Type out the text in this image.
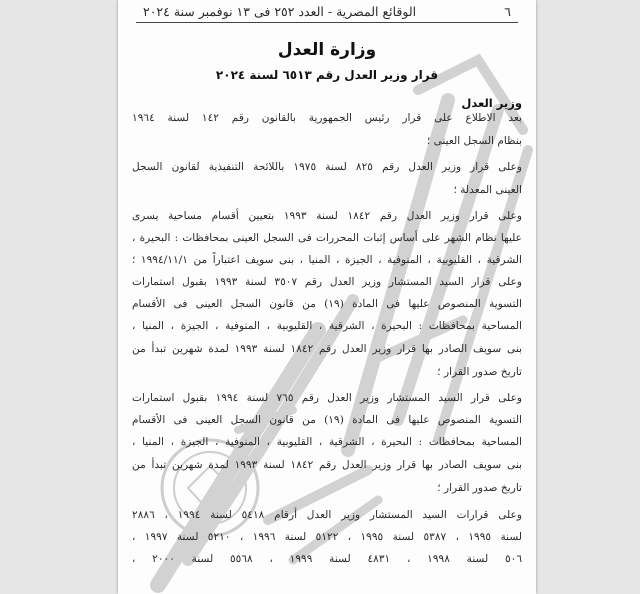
٦
الوقائع المصرية - العدد ٢٥٢ فى ١٣ نوفمبر سنة ٢٠٢٤
وزارة العدل
قرار وزير العدل رقم ٦٥١٣ لسنة ٢٠٢٤
وزير العدل
بعد الاطلاع على قرار رئيس الجمهورية بالقانون رقم ١٤٢ لسنة ١٩٦٤
بنظام السجل العينى ؛
وعلى قرار وزير العدل رقم ٨٢٥ لسنة ١٩٧٥ باللائحة التنفيذية لقانون السجل
العينى المعدلة ؛
وعلى قرار وزير العدل رقم ١٨٤٢ لسنة ١٩٩٣ بتعيين أقسام مساحية يسرى
عليها نظام الشهر على أساس إثبات المحررات فى السجل العينى بمحافظات : البحيرة ،
الشرقية ، القليوبية ، المنوفية ، الجيزة ، المنيا ، بنى سويف اعتباراً من ١٩٩٤/١١/١ ؛
وعلى قرار السيد المستشار وزير العدل رقم ٣٥٠٧ لسنة ١٩٩٣ بقبول استمارات
التسوية المنصوص عليها فى المادة (١٩) من قانون السجل العينى فى الأقسام
المساحية بمحافظات : البحيرة ، الشرقية ، القليوبية ، المنوفية ، الجيزة ، المنيا ،
بنى سويف الصادر بها قرار وزير العدل رقم ١٨٤٢ لسنة ١٩٩٣ لمدة شهرين تبدأ من
تاريخ صدور القرار ؛
وعلى قرار السيد المستشار وزير العدل رقم ٧٦٥ لسنة ١٩٩٤ بقبول استمارات
التسوية المنصوص عليها فى المادة (١٩) من قانون السجل العينى فى الأقسام
المساحية بمحافظات : البحيرة ، الشرقية ، القليوبية ، المنوفية ، الجيزة ، المنيا ،
بنى سويف الصادر بها قرار وزير العدل رقم ١٨٤٢ لسنة ١٩٩٣ لمدة شهرين تبدأ من
تاريخ صدور القرار ؛
وعلى قرارات السيد المستشار وزير العدل أرقام ٥٤١٨ لسنة ١٩٩٤ ، ٢٨٨٦
لسنة ١٩٩٥ ، ٥٣٨٧ لسنة ١٩٩٥ ، ٥١٢٢ لسنة ١٩٩٦ ، ٥٢١٠ لسنة ١٩٩٧ ،
٥٠٦ لسنة ١٩٩٨ ، ٤٨٣١ لسنة ١٩٩٩ ، ٥٥٦٨ لسنة ٢٠٠٠ ،
